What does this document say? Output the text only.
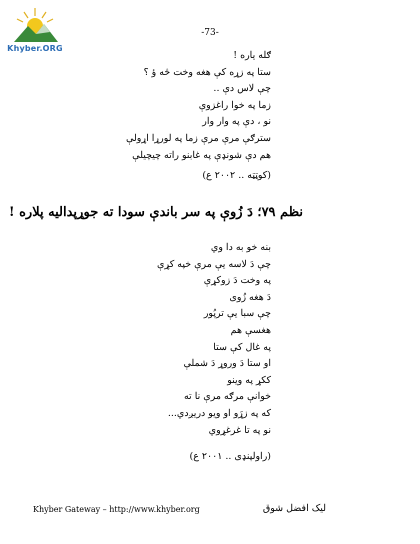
Khyber.ORG
-73-
ګله يار‌ه !
ستا په زړه کې هغه وخت څه ؤ ؟
چې لاس دې ..
زما په خوا راغزوې
نو ، دې په وار وار
سترګې مرې مرې زما په لورړا اړولې
هم دې شونډې په غابنو راته چیچیلې
(کوټټه .. ۲۰۰۲ ع)
نظم ۷۹؛ دَ زُوې په سر باندې سودا ته جوړ‌‌پداليه پلاره !
بنه خو به دا وي
چې دَ لاسه يې مرې خپه کړې
په وخت دَ زوکړې
دَ هغه زُوی
چې سبا يې ترپُور
هغسې هم
په غال کې ستا
او ستا دَ وروړ دَ شملې
ککړ په وينو
خوانې مرګه مرې نا ته
که په زړَو او ويو دريږدي...
نو په تا غرغړوي
(راولپنډی .. ۲۰۰۱ ع)
Khyber Gateway – http://www.khyber.org	لیک افضل شوق
